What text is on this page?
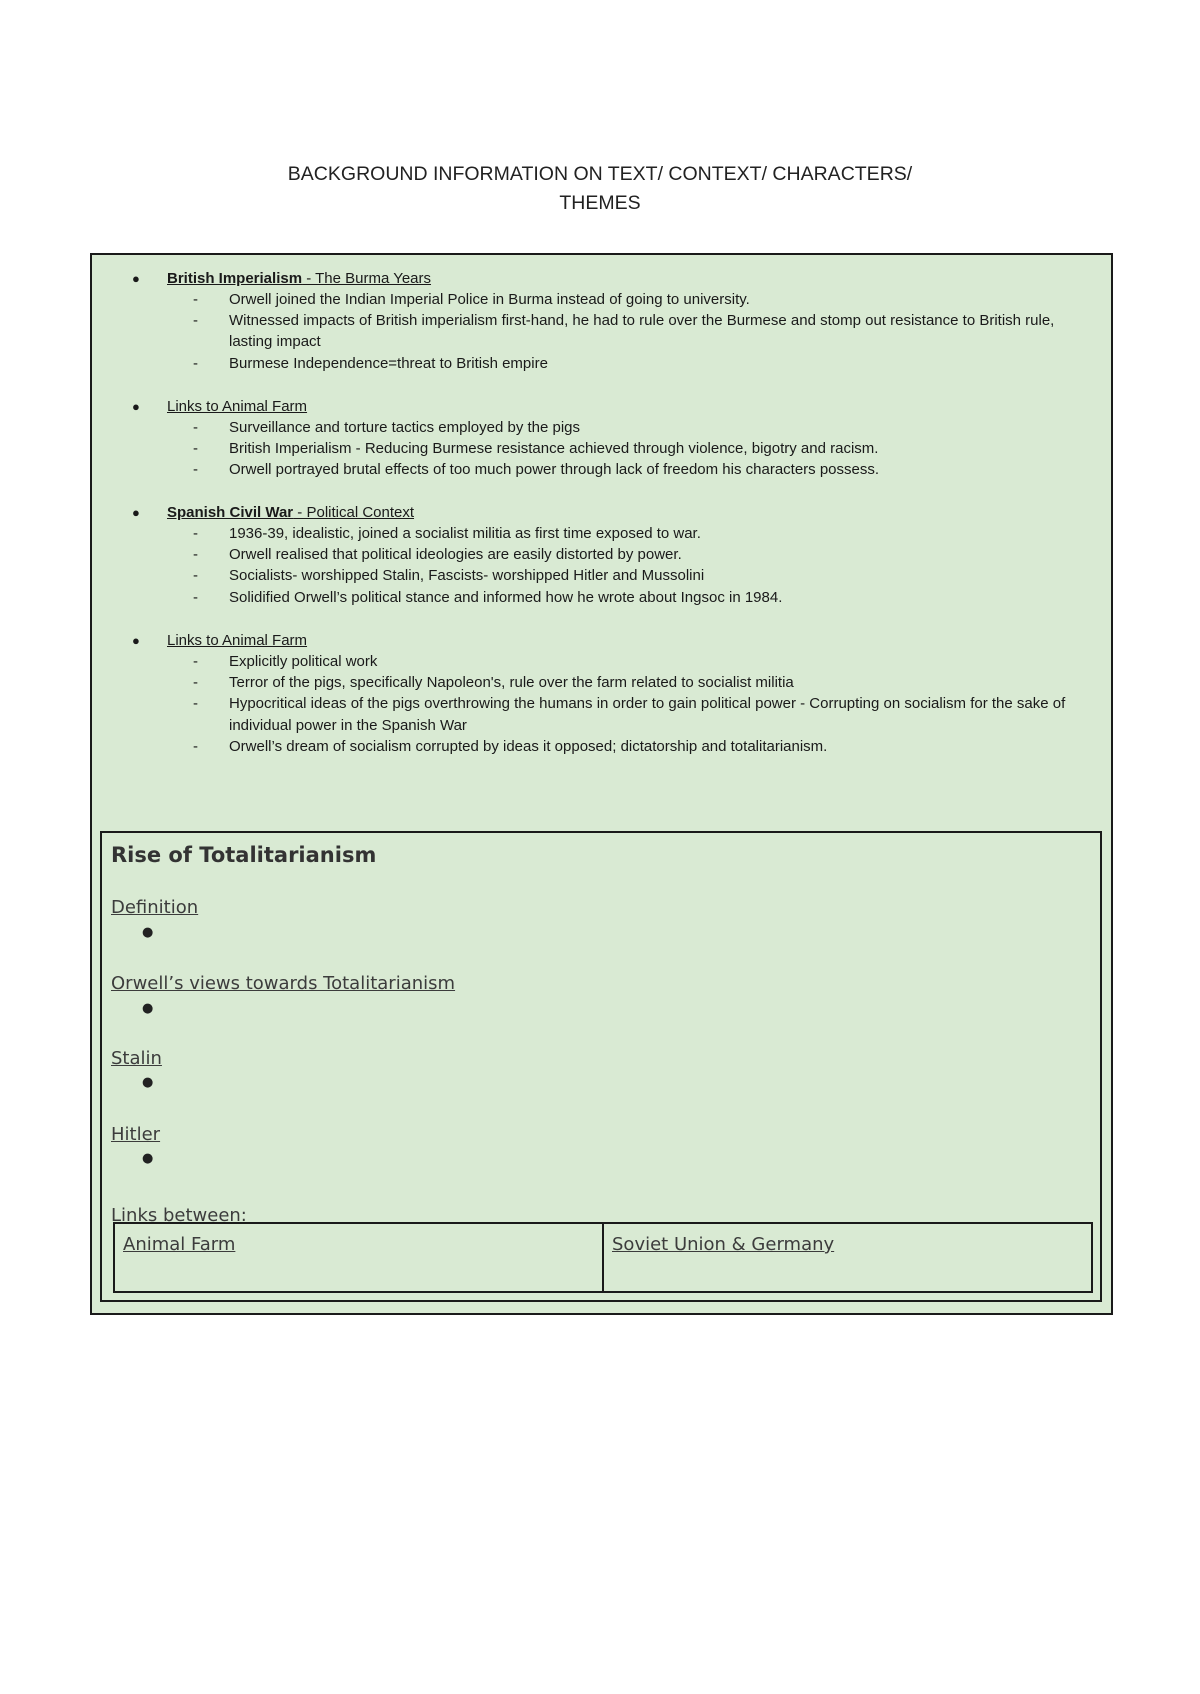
BACKGROUND INFORMATION ON TEXT/ CONTEXT/ CHARACTERS/
THEMES
● British Imperialism - The Burma Years
- Orwell joined the Indian Imperial Police in Burma instead of going to university.
- Witnessed impacts of British imperialism first-hand, he had to rule over the Burmese and stomp out resistance to British rule, lasting impact
- Burmese Independence=threat to British empire
● Links to Animal Farm
- Surveillance and torture tactics employed by the pigs
- British Imperialism - Reducing Burmese resistance achieved through violence, bigotry and racism.
- Orwell portrayed brutal effects of too much power through lack of freedom his characters possess.
● Spanish Civil War - Political Context
- 1936-39, idealistic, joined a socialist militia as first time exposed to war.
- Orwell realised that political ideologies are easily distorted by power.
- Socialists- worshipped Stalin, Fascists- worshipped Hitler and Mussolini
- Solidified Orwell’s political stance and informed how he wrote about Ingsoc in 1984.
● Links to Animal Farm
- Explicitly political work
- Terror of the pigs, specifically Napoleon's, rule over the farm related to socialist militia
- Hypocritical ideas of the pigs overthrowing the humans in order to gain political power - Corrupting on socialism for the sake of individual power in the Spanish War
- Orwell’s dream of socialism corrupted by ideas it opposed; dictatorship and totalitarianism.
Rise of Totalitarianism
Definition
●
Orwell’s views towards Totalitarianism
●
Stalin
●
Hitler
●
Links between:
Animal Farm	Soviet Union & Germany
